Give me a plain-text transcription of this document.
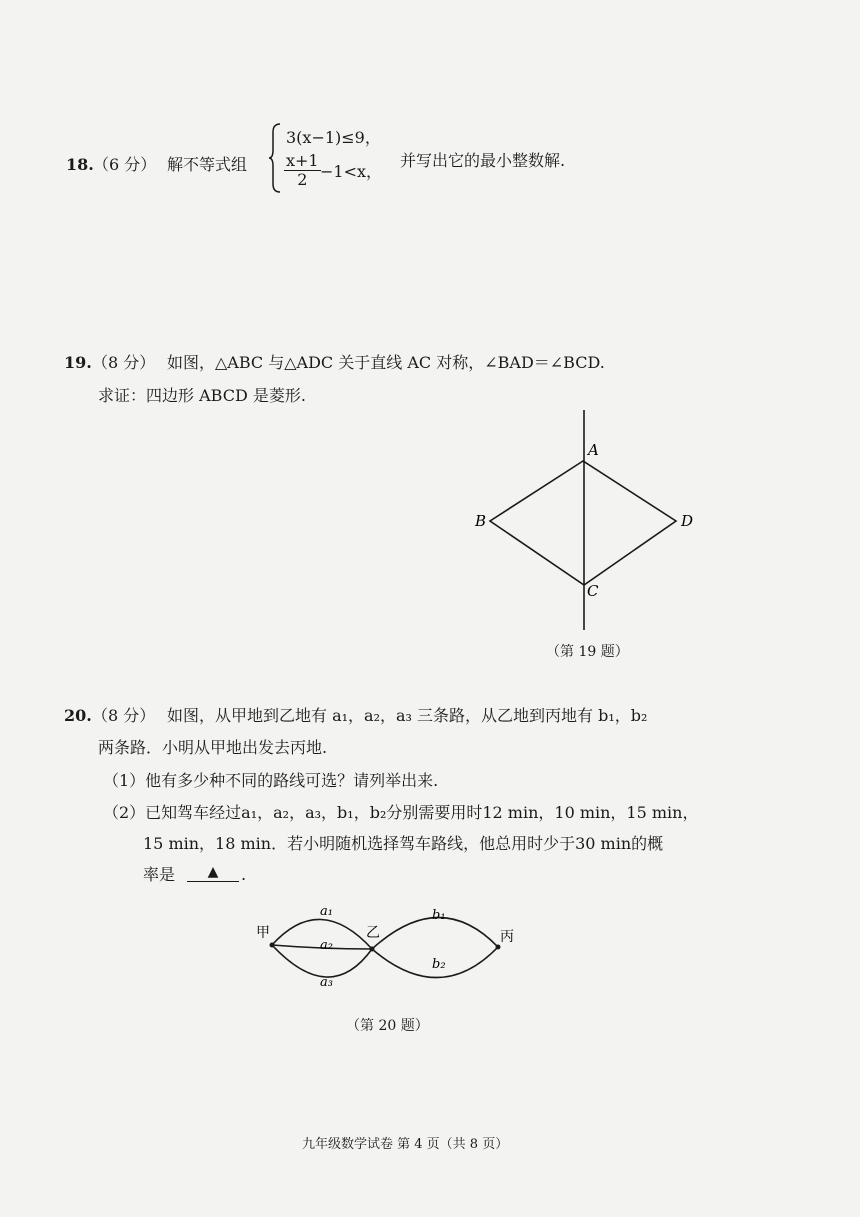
18. （6 分） 解不等式组
3(x−1)≤9，
$\frac{x+1}{2} -1<x$，
并写出它的最小整数解.
19. （8 分） 如图，△ABC 与△ADC 关于直线 AC 对称，∠BAD＝∠BCD.
求证：四边形 ABCD 是菱形.
A
B
C
D
（第 19 题）
20. （8 分） 如图，从甲地到乙地有 a₁，a₂，a₃ 三条路，从乙地到丙地有 b₁，b₂
两条路．小明从甲地出发去丙地.
（1）他有多少种不同的路线可选？请列举出来.
（2）已知驾车经过a₁，a₂，a₃，b₁，b₂分别需要用时12 min，10 min，15 min，
15 min，18 min．若小明随机选择驾车路线，他总用时少于30 min的概
率是	▲	.
甲	乙	丙
a₁
a₂
a₃
b₁
b₂
（第 20 题）
九年级数学试卷 第 4 页（共 8 页）
